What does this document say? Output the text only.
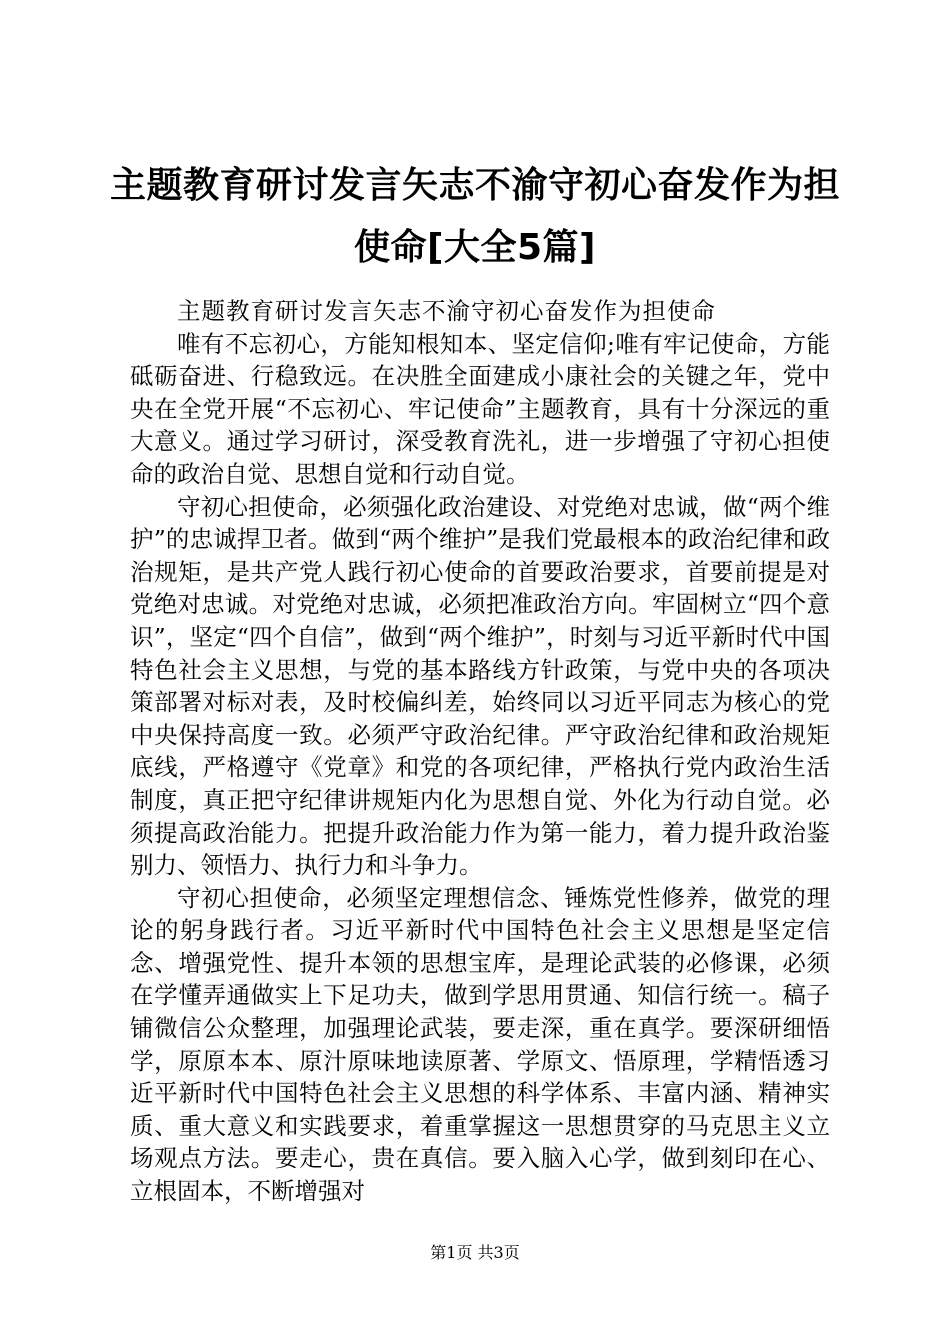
主题教育研讨发言矢志不渝守初心奋发作为担
使命[大全5篇]

主题教育研讨发言矢志不渝守初心奋发作为担使命

唯有不忘初心，方能知根知本、坚定信仰;唯有牢记使命，方能砥砺奋进、行稳致远。在决胜全面建成小康社会的关键之年，党中央在全党开展“不忘初心、牢记使命”主题教育，具有十分深远的重大意义。通过学习研讨，深受教育洗礼，进一步增强了守初心担使命的政治自觉、思想自觉和行动自觉。

守初心担使命，必须强化政治建设、对党绝对忠诚，做“两个维护”的忠诚捍卫者。做到“两个维护”是我们党最根本的政治纪律和政治规矩，是共产党人践行初心使命的首要政治要求，首要前提是对党绝对忠诚。对党绝对忠诚，必须把准政治方向。牢固树立“四个意识”，坚定“四个自信”，做到“两个维护”，时刻与习近平新时代中国特色社会主义思想，与党的基本路线方针政策，与党中央的各项决策部署对标对表，及时校偏纠差，始终同以习近平同志为核心的党中央保持高度一致。必须严守政治纪律。严守政治纪律和政治规矩底线，严格遵守《党章》和党的各项纪律，严格执行党内政治生活制度，真正把守纪律讲规矩内化为思想自觉、外化为行动自觉。必须提高政治能力。把提升政治能力作为第一能力，着力提升政治鉴别力、领悟力、执行力和斗争力。

守初心担使命，必须坚定理想信念、锤炼党性修养，做党的理论的躬身践行者。习近平新时代中国特色社会主义思想是坚定信念、增强党性、提升本领的思想宝库，是理论武装的必修课，必须在学懂弄通做实上下足功夫，做到学思用贯通、知信行统一。稿子铺微信公众整理，加强理论武装，要走深，重在真学。要深研细悟学，原原本本、原汁原味地读原著、学原文、悟原理，学精悟透习近平新时代中国特色社会主义思想的科学体系、丰富内涵、精神实质、重大意义和实践要求，着重掌握这一思想贯穿的马克思主义立场观点方法。要走心，贵在真信。要入脑入心学，做到刻印在心、立根固本，不断增强对

第1页 共3页
